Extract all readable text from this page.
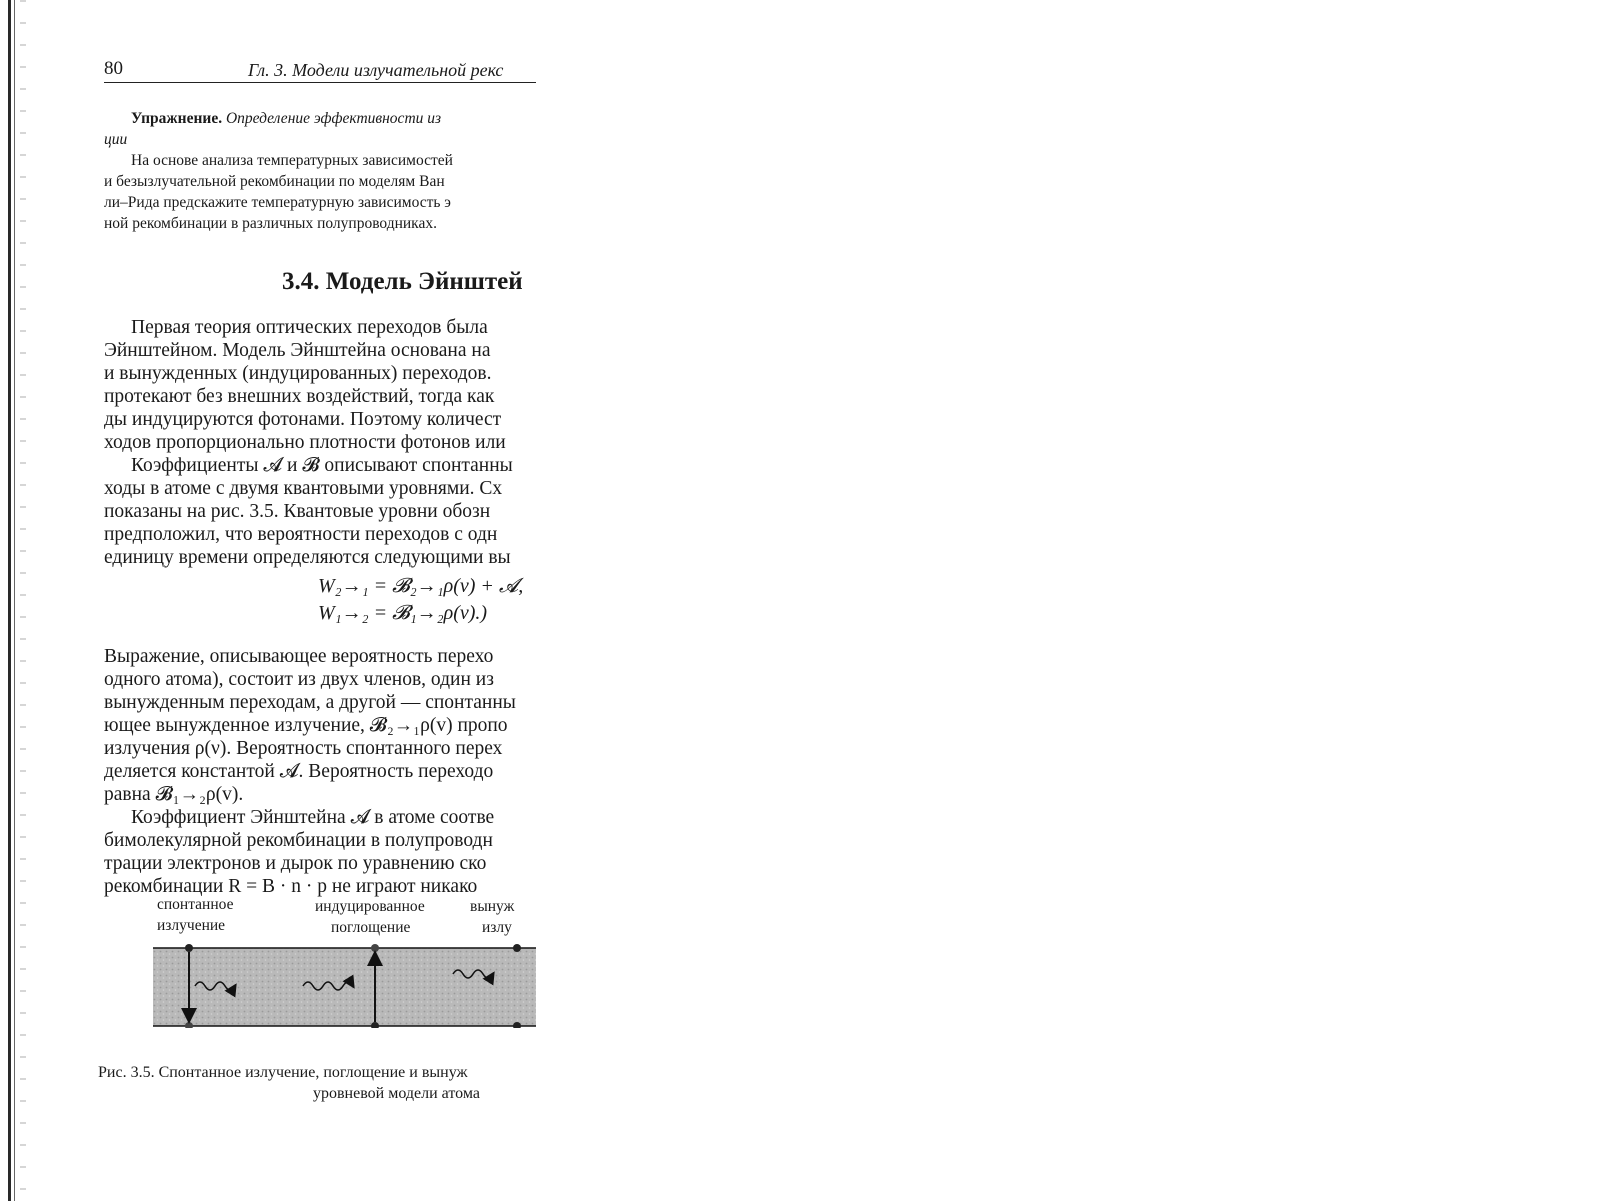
80	Гл. 3. Модели излучательной рекс
Упражнение. Определение эффективности из
ции
На основе анализа температурных зависимостей
и безызлучательной рекомбинации по моделям Ван
ли–Рида предскажите температурную зависимость э
ной рекомбинации в различных полупроводниках.
3.4. Модель Эйнштей
Первая теория оптических переходов была
Эйнштейном. Модель Эйнштейна основана на
и вынужденных (индуцированных) переходов.
протекают без внешних воздействий, тогда как
ды индуцируются фотонами. Поэтому количест
ходов пропорционально плотности фотонов или
Коэффициенты 𝓐 и 𝓑 описывают спонтанны
ходы в атоме с двумя квантовыми уровнями. Сх
показаны на рис. 3.5. Квантовые уровни обозн
предположил, что вероятности переходов с одн
единицу времени определяются следующими вы
W₂→₁ = 𝓑₂→₁ρ(ν) + 𝓐,
W₁→₂ = 𝓑₁→₂ρ(ν).)
Выражение, описывающее вероятность перехо
одного атома), состоит из двух членов, один из
вынужденным переходам, а другой — спонтанны
ющее вынужденное излучение, 𝓑₂→₁ρ(v) пропо
излучения ρ(ν). Вероятность спонтанного перех
деляется константой 𝓐. Вероятность переходо
равна 𝓑₁→₂ρ(v).
Коэффициент Эйнштейна 𝓐 в атоме соотве
бимолекулярной рекомбинации в полупроводн
трации электронов и дырок по уравнению ско
рекомбинации R = B · n · p не играют никако
спонтанное
излучение
индуцированное
поглощение
вынуж
излу
Рис. 3.5. Спонтанное излучение, поглощение и вынуж
уровневой модели атома
